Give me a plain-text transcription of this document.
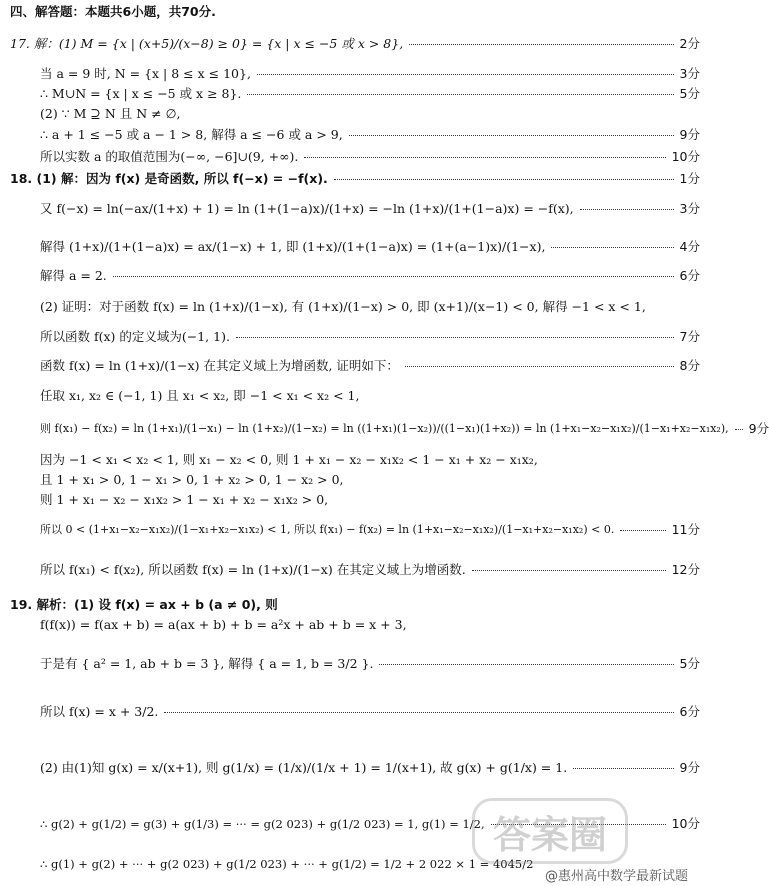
四、解答题：本题共6小题，共70分.
17. 解：(1) M = {x | (x+5)/(x−8) ≥ 0} = {x | x ≤ −5 或 x > 8},	2分
当 a = 9 时, N = {x | 8 ≤ x ≤ 10},	3分
∴ M∪N = {x | x ≤ −5 或 x ≥ 8}.	5分
(2) ∵ M ⊇ N 且 N ≠ ∅,
∴ a + 1 ≤ −5 或 a − 1 > 8, 解得 a ≤ −6 或 a > 9,	9分
所以实数 a 的取值范围为(−∞, −6]∪(9, +∞).	10分
18. (1) 解：因为 f(x) 是奇函数, 所以 f(−x) = −f(x).	1分
又 f(−x) = ln(−ax/(1+x) + 1) = ln (1+(1−a)x)/(1+x) = −ln (1+x)/(1+(1−a)x) = −f(x),	3分
解得 (1+x)/(1+(1−a)x) = ax/(1−x) + 1, 即 (1+x)/(1+(1−a)x) = (1+(a−1)x)/(1−x),	4分
解得 a = 2.	6分
(2) 证明：对于函数 f(x) = ln (1+x)/(1−x), 有 (1+x)/(1−x) > 0, 即 (x+1)/(x−1) < 0, 解得 −1 < x < 1,
所以函数 f(x) 的定义域为(−1, 1).	7分
函数 f(x) = ln (1+x)/(1−x) 在其定义域上为增函数, 证明如下：	8分
任取 x₁, x₂ ∈ (−1, 1) 且 x₁ < x₂, 即 −1 < x₁ < x₂ < 1,
则 f(x₁) − f(x₂) = ln (1+x₁)/(1−x₁) − ln (1+x₂)/(1−x₂) = ln ((1+x₁)(1−x₂))/((1−x₁)(1+x₂)) = ln (1+x₁−x₂−x₁x₂)/(1−x₁+x₂−x₁x₂), 9分
因为 −1 < x₁ < x₂ < 1, 则 x₁ − x₂ < 0, 则 1 + x₁ − x₂ − x₁x₂ < 1 − x₁ + x₂ − x₁x₂,
且 1 + x₁ > 0, 1 − x₁ > 0, 1 + x₂ > 0, 1 − x₂ > 0,
则 1 + x₁ − x₂ − x₁x₂ > 1 − x₁ + x₂ − x₁x₂ > 0,
所以 0 < (1+x₁−x₂−x₁x₂)/(1−x₁+x₂−x₁x₂) < 1, 所以 f(x₁) − f(x₂) = ln (1+x₁−x₂−x₁x₂)/(1−x₁+x₂−x₁x₂) < 0.	11分
所以 f(x₁) < f(x₂), 所以函数 f(x) = ln (1+x)/(1−x) 在其定义域上为增函数.	12分
19. 解析：(1) 设 f(x) = ax + b (a ≠ 0), 则
f(f(x)) = f(ax + b) = a(ax + b) + b = a²x + ab + b = x + 3,
于是有 { a² = 1, ab + b = 3 }, 解得 { a = 1, b = 3/2 }.	5分
所以 f(x) = x + 3/2.	6分
(2) 由(1)知 g(x) = x/(x+1), 则 g(1/x) = (1/x)/(1/x + 1) = 1/(x+1), 故 g(x) + g(1/x) = 1.	9分
∴ g(2) + g(1/2) = g(3) + g(1/3) = ··· = g(2 023) + g(1/2 023) = 1, g(1) = 1/2,	10分
∴ g(1) + g(2) + ··· + g(2 023) + g(1/2 023) + ··· + g(1/2) = 1/2 + 2 022 × 1 = 4045/2
答案圈
@惠州高中数学最新试题
